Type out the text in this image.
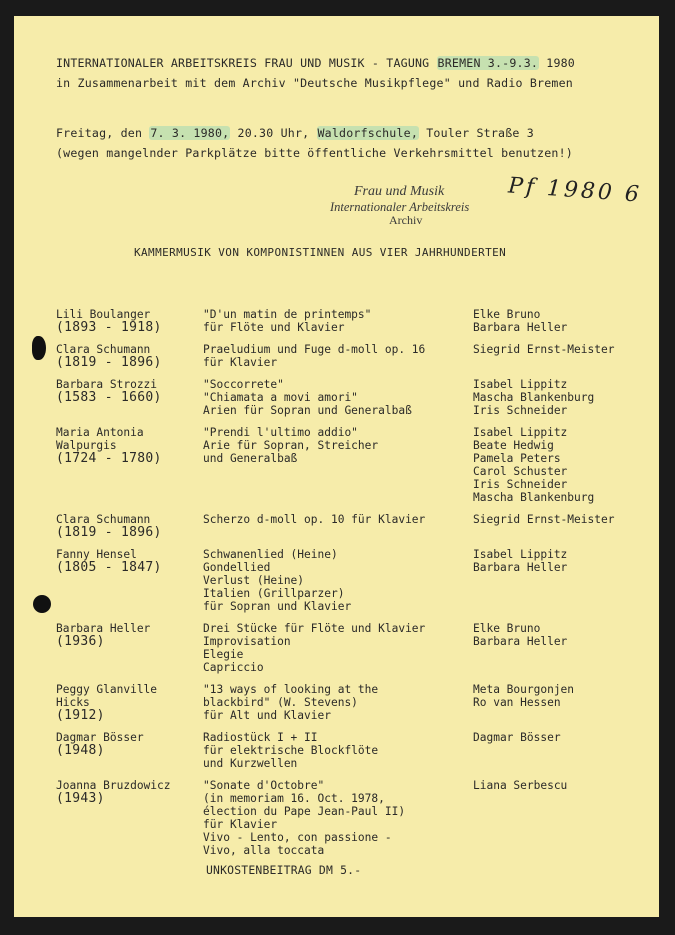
INTERNATIONALER ARBEITSKREIS FRAU UND MUSIK - TAGUNG BREMEN 3.-9.3. 1980
in Zusammenarbeit mit dem Archiv "Deutsche Musikpflege" und Radio Bremen
Freitag, den 7. 3. 1980, 20.30 Uhr, Waldorfschule, Touler Straße 3
(wegen mangelnder Parkplätze bitte öffentliche Verkehrsmittel benutzen!)
Frau und Musik
Internationaler Arbeitskreis
Archiv
Pf 1980 6
KAMMERMUSIK VON KOMPONISTINNEN AUS VIER JAHRHUNDERTEN
Lili Boulanger
(1893 - 1918)
"D'un matin de printemps"
für Flöte und Klavier
Elke Bruno
Barbara Heller
Clara Schumann
(1819 - 1896)
Praeludium und Fuge d-moll op. 16
für Klavier
Siegrid Ernst-Meister
Barbara Strozzi
(1583 - 1660)
"Soccorrete"
"Chiamata a movi amori"
Arien für Sopran und Generalbaß
Isabel Lippitz
Mascha Blankenburg
Iris Schneider
Maria Antonia
Walpurgis
(1724 - 1780)
"Prendi l'ultimo addio"
Arie für Sopran, Streicher
und Generalbaß
Isabel Lippitz
Beate Hedwig
Pamela Peters
Carol Schuster
Iris Schneider
Mascha Blankenburg
Clara Schumann
(1819 - 1896)
Scherzo d-moll op. 10 für Klavier	Siegrid Ernst-Meister
Fanny Hensel
(1805 - 1847)
Schwanenlied (Heine)
Gondellied
Verlust (Heine)
Italien (Grillparzer)
für Sopran und Klavier
Isabel Lippitz
Barbara Heller
Barbara Heller
(1936)
Drei Stücke für Flöte und Klavier
Improvisation
Elegie
Capriccio
Elke Bruno
Barbara Heller
Peggy Glanville
Hicks
(1912)
"13 ways of looking at the
blackbird" (W. Stevens)
für Alt und Klavier
Meta Bourgonjen
Ro van Hessen
Dagmar Bösser
(1948)
Radiostück I + II
für elektrische Blockflöte
und Kurzwellen
Dagmar Bösser
Joanna Bruzdowicz
(1943)
"Sonate d'Octobre"
(in memoriam 16. Oct. 1978,
élection du Pape Jean-Paul II)
für Klavier
Vivo - Lento, con passione -
Vivo, alla toccata
Liana Serbescu
UNKOSTENBEITRAG DM 5.-
